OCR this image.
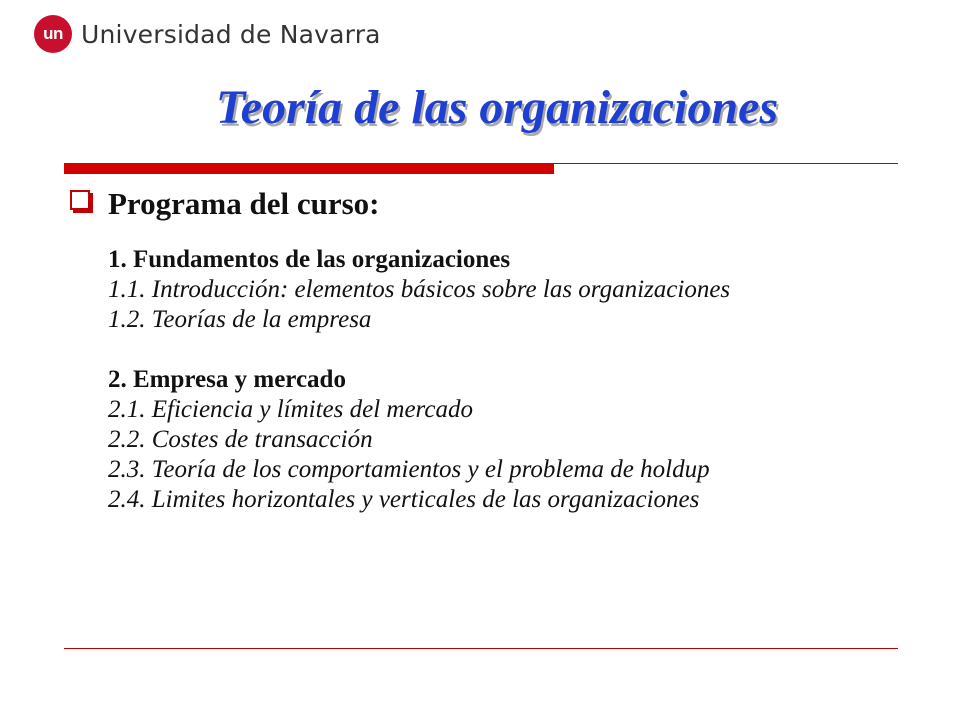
un Universidad de Navarra
Teoría de las organizaciones
Programa del curso:
1. Fundamentos de las organizaciones
1.1. Introducción: elementos básicos sobre las organizaciones
1.2. Teorías de la empresa
2. Empresa y mercado
2.1. Eficiencia y límites del mercado
2.2. Costes de transacción
2.3. Teoría de los comportamientos y el problema de holdup
2.4. Limites horizontales y verticales de las organizaciones
